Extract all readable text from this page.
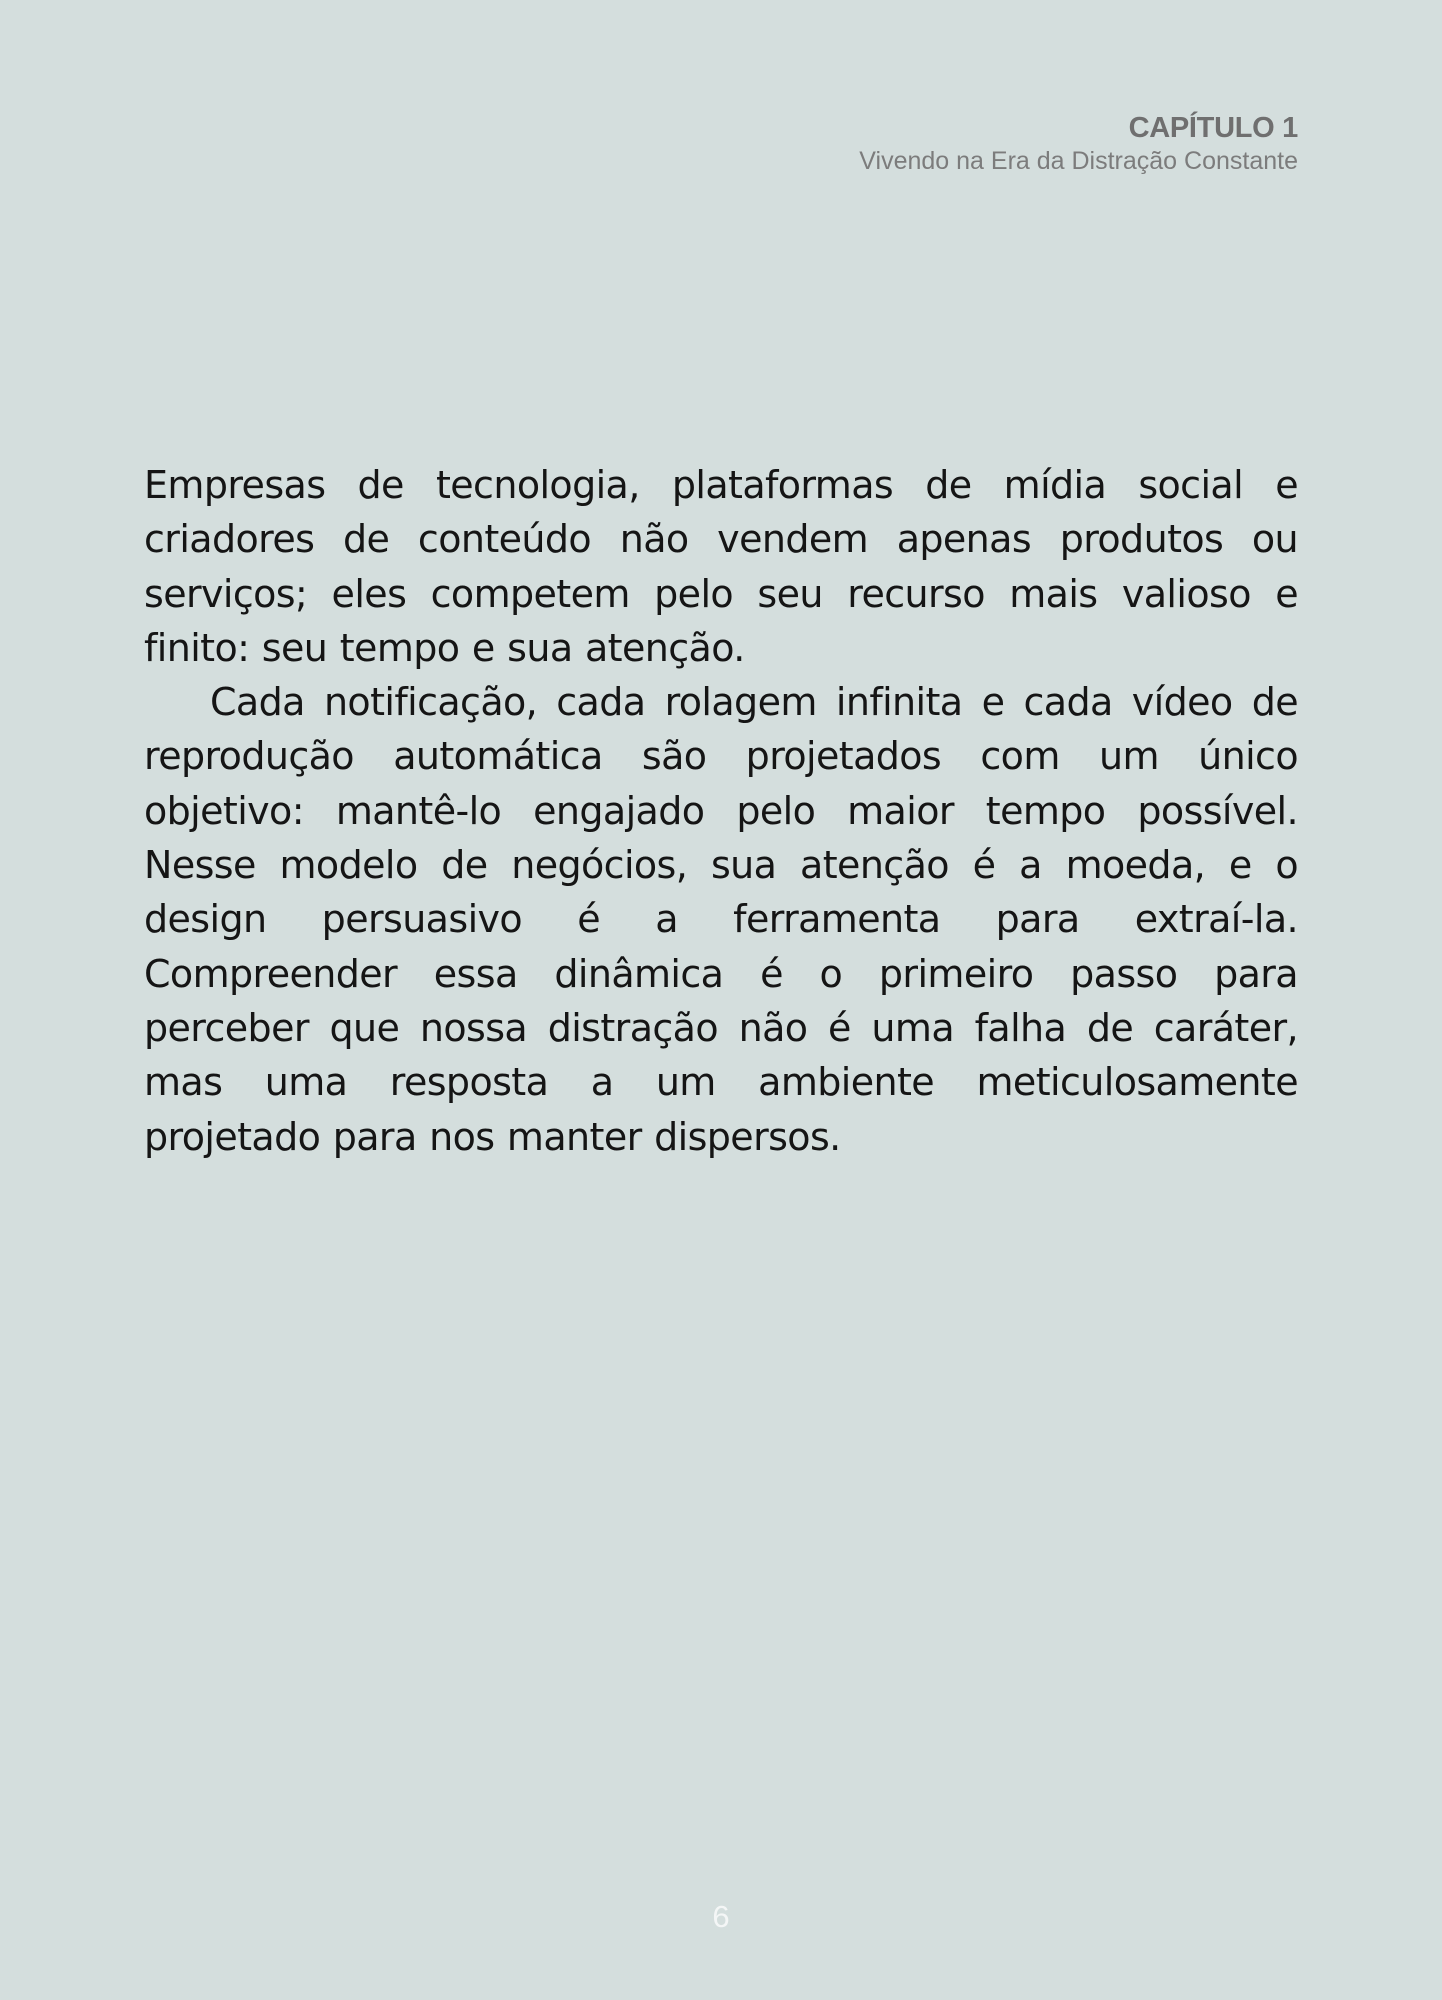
CAPÍTULO 1
Vivendo na Era da Distração Constante

Empresas de tecnologia, plataformas de mídia social e criadores de conteúdo não vendem apenas produtos ou serviços; eles competem pelo seu recurso mais valioso e finito: seu tempo e sua atenção.

Cada notificação, cada rolagem infinita e cada vídeo de reprodução automática são projetados com um único objetivo: mantê-lo engajado pelo maior tempo possível. Nesse modelo de negócios, sua atenção é a moeda, e o design persuasivo é a ferramenta para extraí-la. Compreender essa dinâmica é o primeiro passo para perceber que nossa distração não é uma falha de caráter, mas uma resposta a um ambiente meticulosamente projetado para nos manter dispersos.

6
